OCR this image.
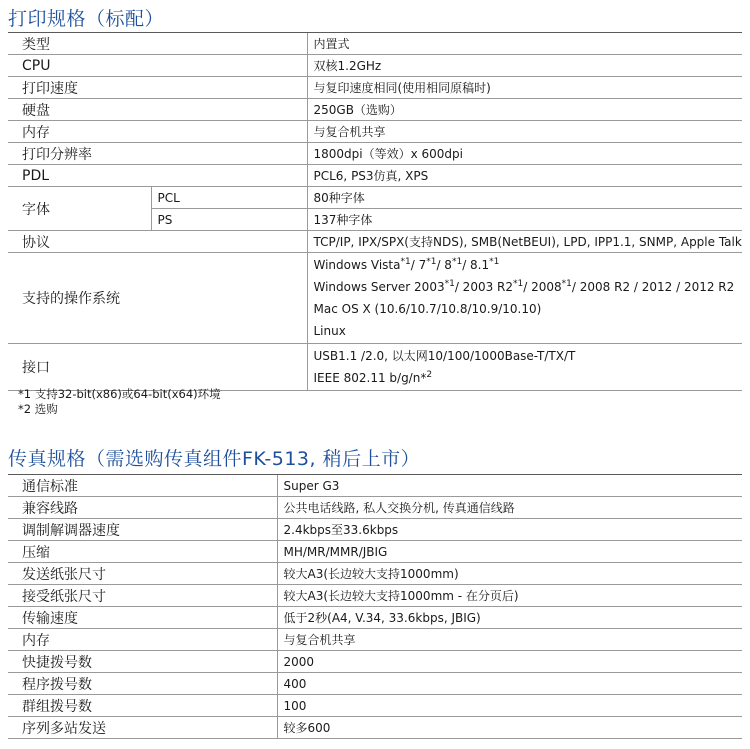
打印规格（标配）
类型		内置式
CPU		双核1.2GHz
打印速度		与复印速度相同(使用相同原稿时)
硬盘		250GB（选购）
内存		与复合机共享
打印分辨率		1800dpi（等效）x 600dpi
PDL		PCL6, PS3仿真, XPS
字体	PCL	80种字体
	PS	137种字体
协议		TCP/IP, IPX/SPX(支持NDS), SMB(NetBEUI), LPD, IPP1.1, SNMP, Apple Talk
支持的操作系统		Windows Vista$^{*1}$/ 7$^{*1}$/ 8$^{*1}$/ 8.1$^{*1}$
Windows Server 2003$^{*1}$/ 2003 R2$^{*1}$/ 2008$^{*1}$/ 2008 R2 / 2012 / 2012 R2
Mac OS X (10.6/10.7/10.8/10.9/10.10)
Linux

接口		USB1.1 /2.0, 以太网10/100/1000Base-T/TX/T
IEEE 802.11 b/g/n*$^2$
*1 支持32-bit(x86)或64-bit(x64)环境
*2 选购
传真规格（需选购传真组件FK-513, 稍后上市）
通信标准	Super G3
兼容线路	公共电话线路, 私人交换分机, 传真通信线路
调制解调器速度	2.4kbps至33.6kbps
压缩	MH/MR/MMR/JBIG
发送纸张尺寸	较大A3(长边较大支持1000mm)
接受纸张尺寸	较大A3(长边较大支持1000mm - 在分页后)
传输速度	低于2秒(A4, V.34, 33.6kbps, JBIG)
内存	与复合机共享
快捷拨号数	2000
程序拨号数	400
群组拨号数	100
序列多站发送	较多600
